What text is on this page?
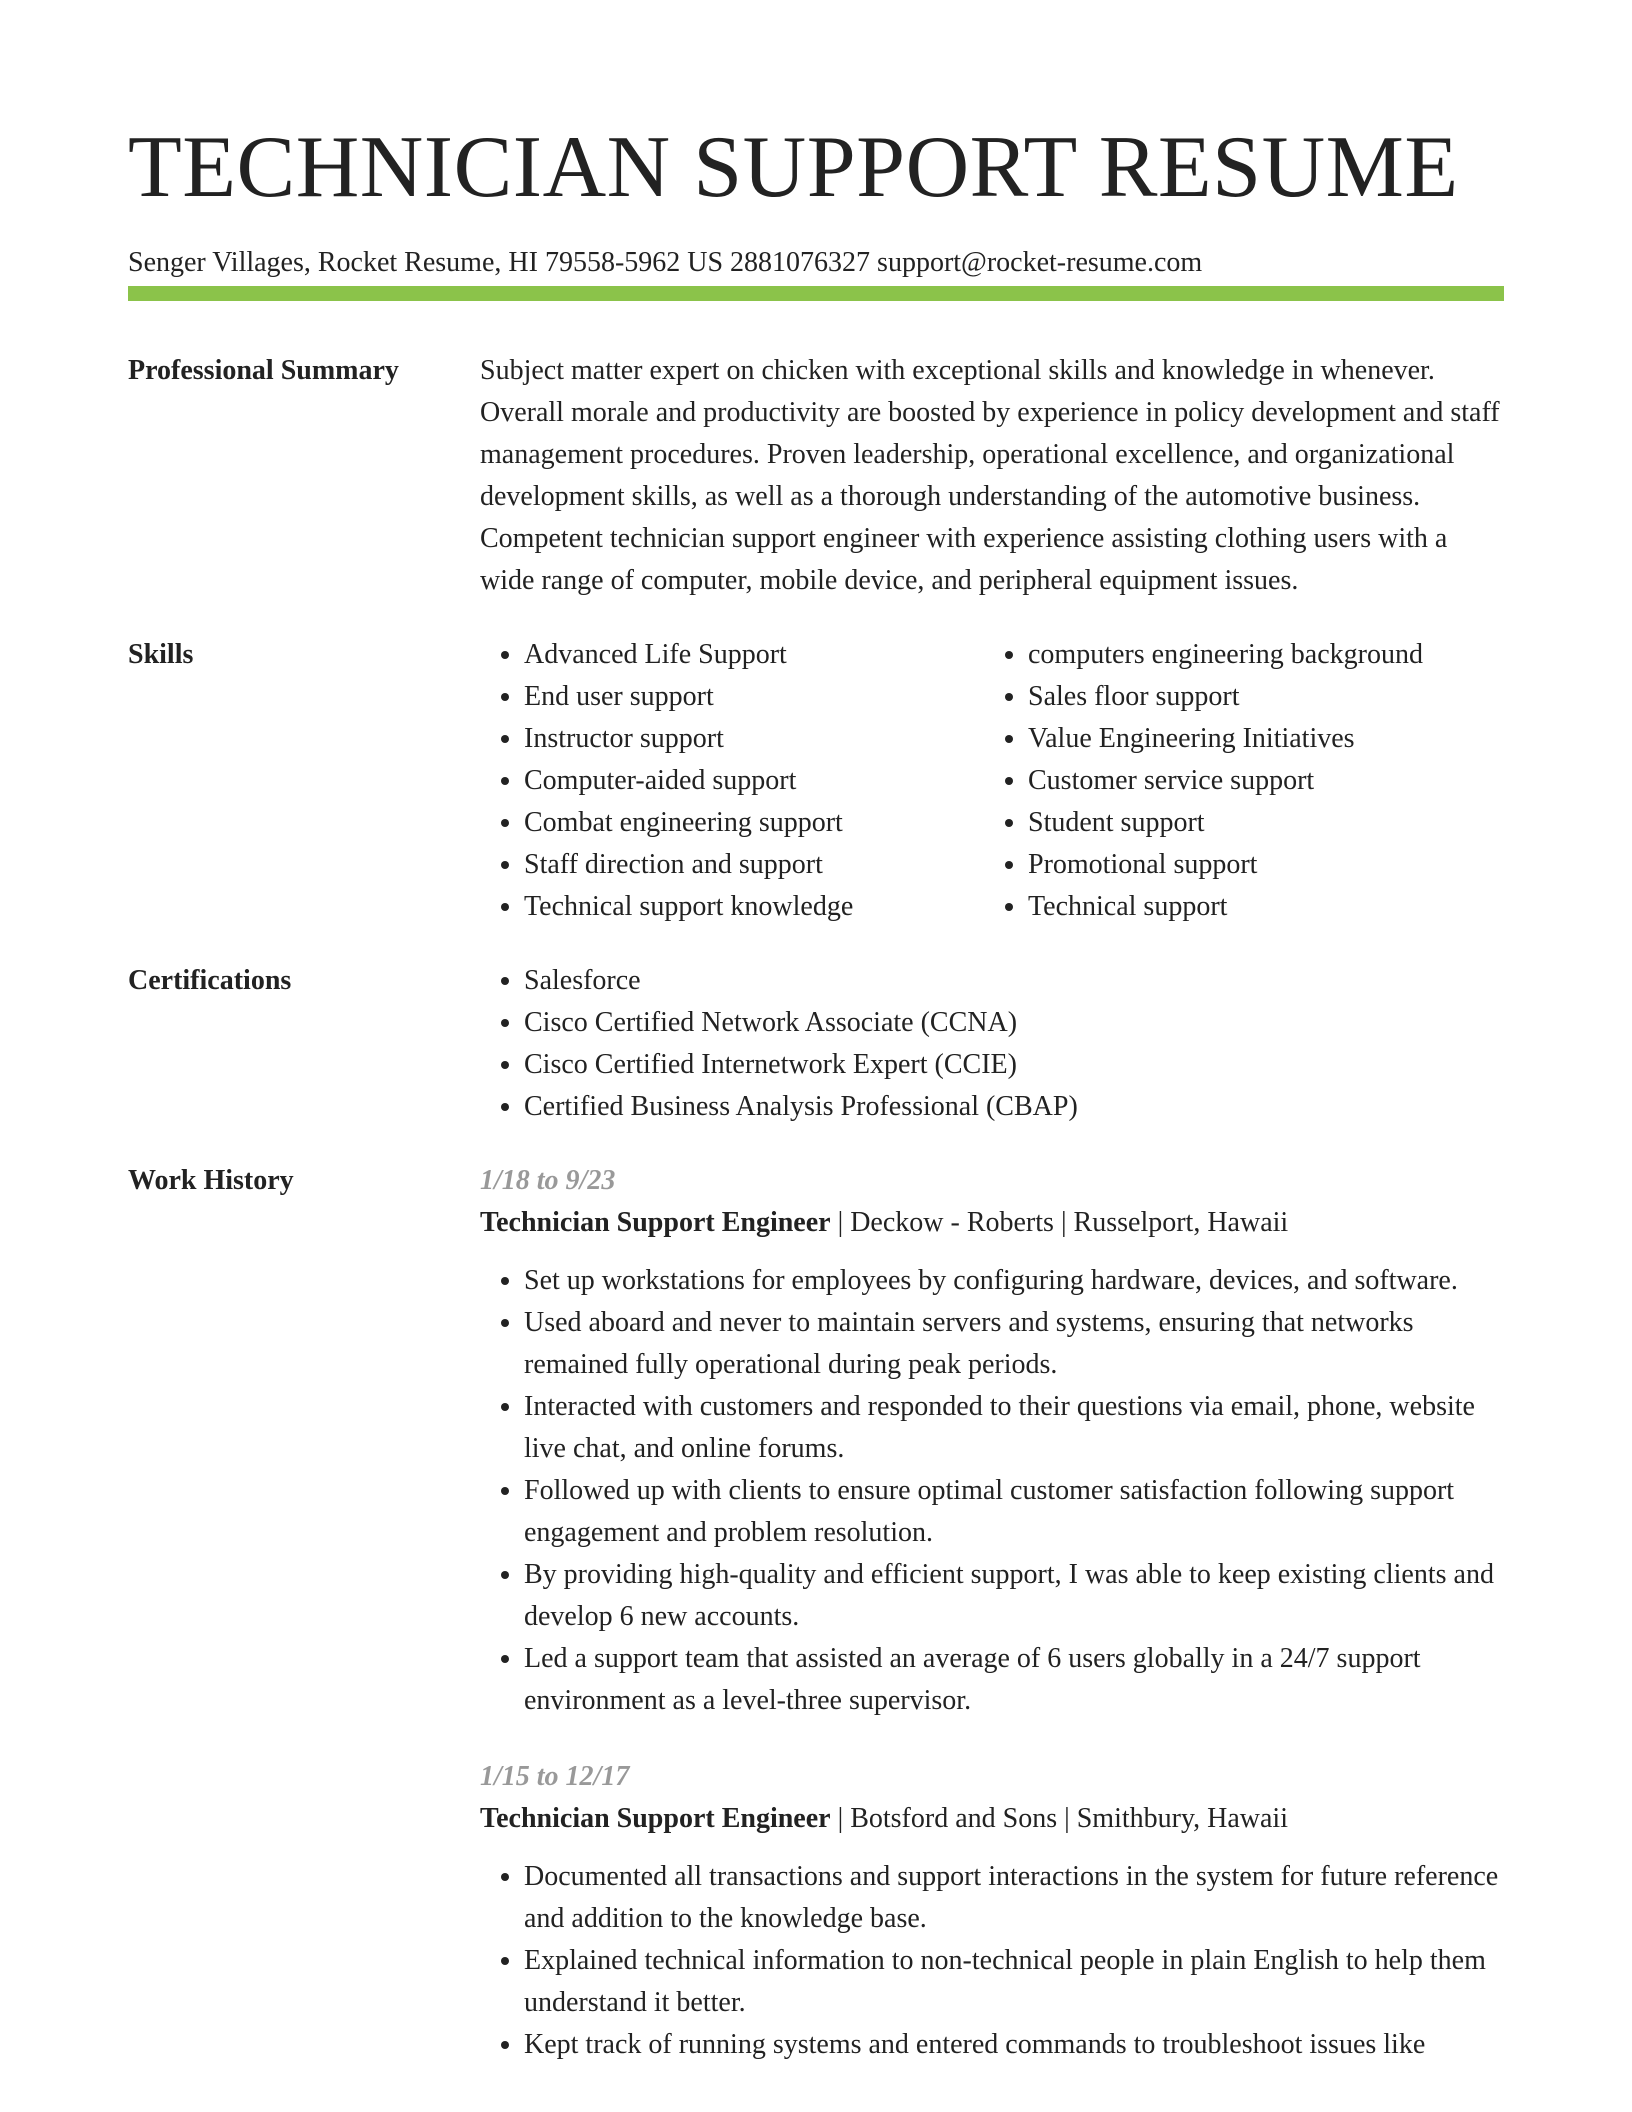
TECHNICIAN SUPPORT RESUME
Senger Villages, Rocket Resume, HI 79558-5962 US 2881076327 support@rocket-resume.com
Professional Summary	Subject matter expert on chicken with exceptional skills and knowledge in whenever. Overall morale and productivity are boosted by experience in policy development and staff management procedures. Proven leadership, operational excellence, and organizational development skills, as well as a thorough understanding of the automotive business. Competent technician support engineer with experience assisting clothing users with a wide range of computer, mobile device, and peripheral equipment issues.

Skills	• Advanced Life Support
• End user support
• Instructor support
• Computer-aided support
• Combat engineering support
• Staff direction and support
• Technical support knowledge
• computers engineering background
• Sales floor support
• Value Engineering Initiatives
• Customer service support
• Student support
• Promotional support
• Technical support
Certifications	• Salesforce
• Cisco Certified Network Associate (CCNA)
• Cisco Certified Internetwork Expert (CCIE)
• Certified Business Analysis Professional (CBAP)
Work History	1/18 to 9/23
Technician Support Engineer | Deckow - Roberts | Russelport, Hawaii
• Set up workstations for employees by configuring hardware, devices, and software.
• Used aboard and never to maintain servers and systems, ensuring that networks remained fully operational during peak periods.
• Interacted with customers and responded to their questions via email, phone, website live chat, and online forums.
• Followed up with clients to ensure optimal customer satisfaction following support engagement and problem resolution.
• By providing high-quality and efficient support, I was able to keep existing clients and develop 6 new accounts.
• Led a support team that assisted an average of 6 users globally in a 24/7 support environment as a level-three supervisor.
1/15 to 12/17
Technician Support Engineer | Botsford and Sons | Smithbury, Hawaii
• Documented all transactions and support interactions in the system for future reference and addition to the knowledge base.
• Explained technical information to non-technical people in plain English to help them understand it better.
• Kept track of running systems and entered commands to troubleshoot issues like
